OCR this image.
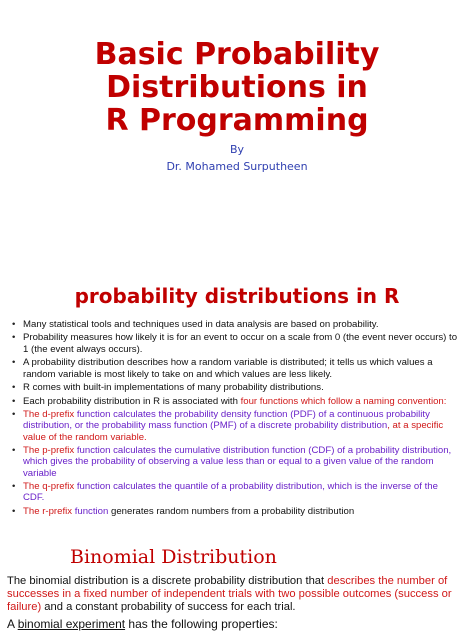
Basic Probability
Distributions in
R Programming
By
Dr. Mohamed Surputheen
probability distributions in R
• Many statistical tools and techniques used in data analysis are based on probability.
• Probability measures how likely it is for an event to occur on a scale from 0 (the event never occurs) to 1 (the event always occurs).
• A probability distribution describes how a random variable is distributed; it tells us which values a random variable is most likely to take on and which values are less likely.
• R comes with built-in implementations of many probability distributions.
• Each probability distribution in R is associated with four functions which follow a naming convention:
• The d-prefix function calculates the probability density function (PDF) of a continuous probability distribution, or the probability mass function (PMF) of a discrete probability distribution, at a specific value of the random variable.
• The p-prefix function calculates the cumulative distribution function (CDF) of a probability distribution, which gives the probability of observing a value less than or equal to a given value of the random variable
• The q-prefix function calculates the quantile of a probability distribution, which is the inverse of the CDF.
• The r-prefix function generates random numbers from a probability distribution
Binomial Distribution
The binomial distribution is a discrete probability distribution that describes the number of successes in a fixed number of independent trials with two possible outcomes (success or failure) and a constant probability of success for each trial.
A binomial experiment has the following properties:
